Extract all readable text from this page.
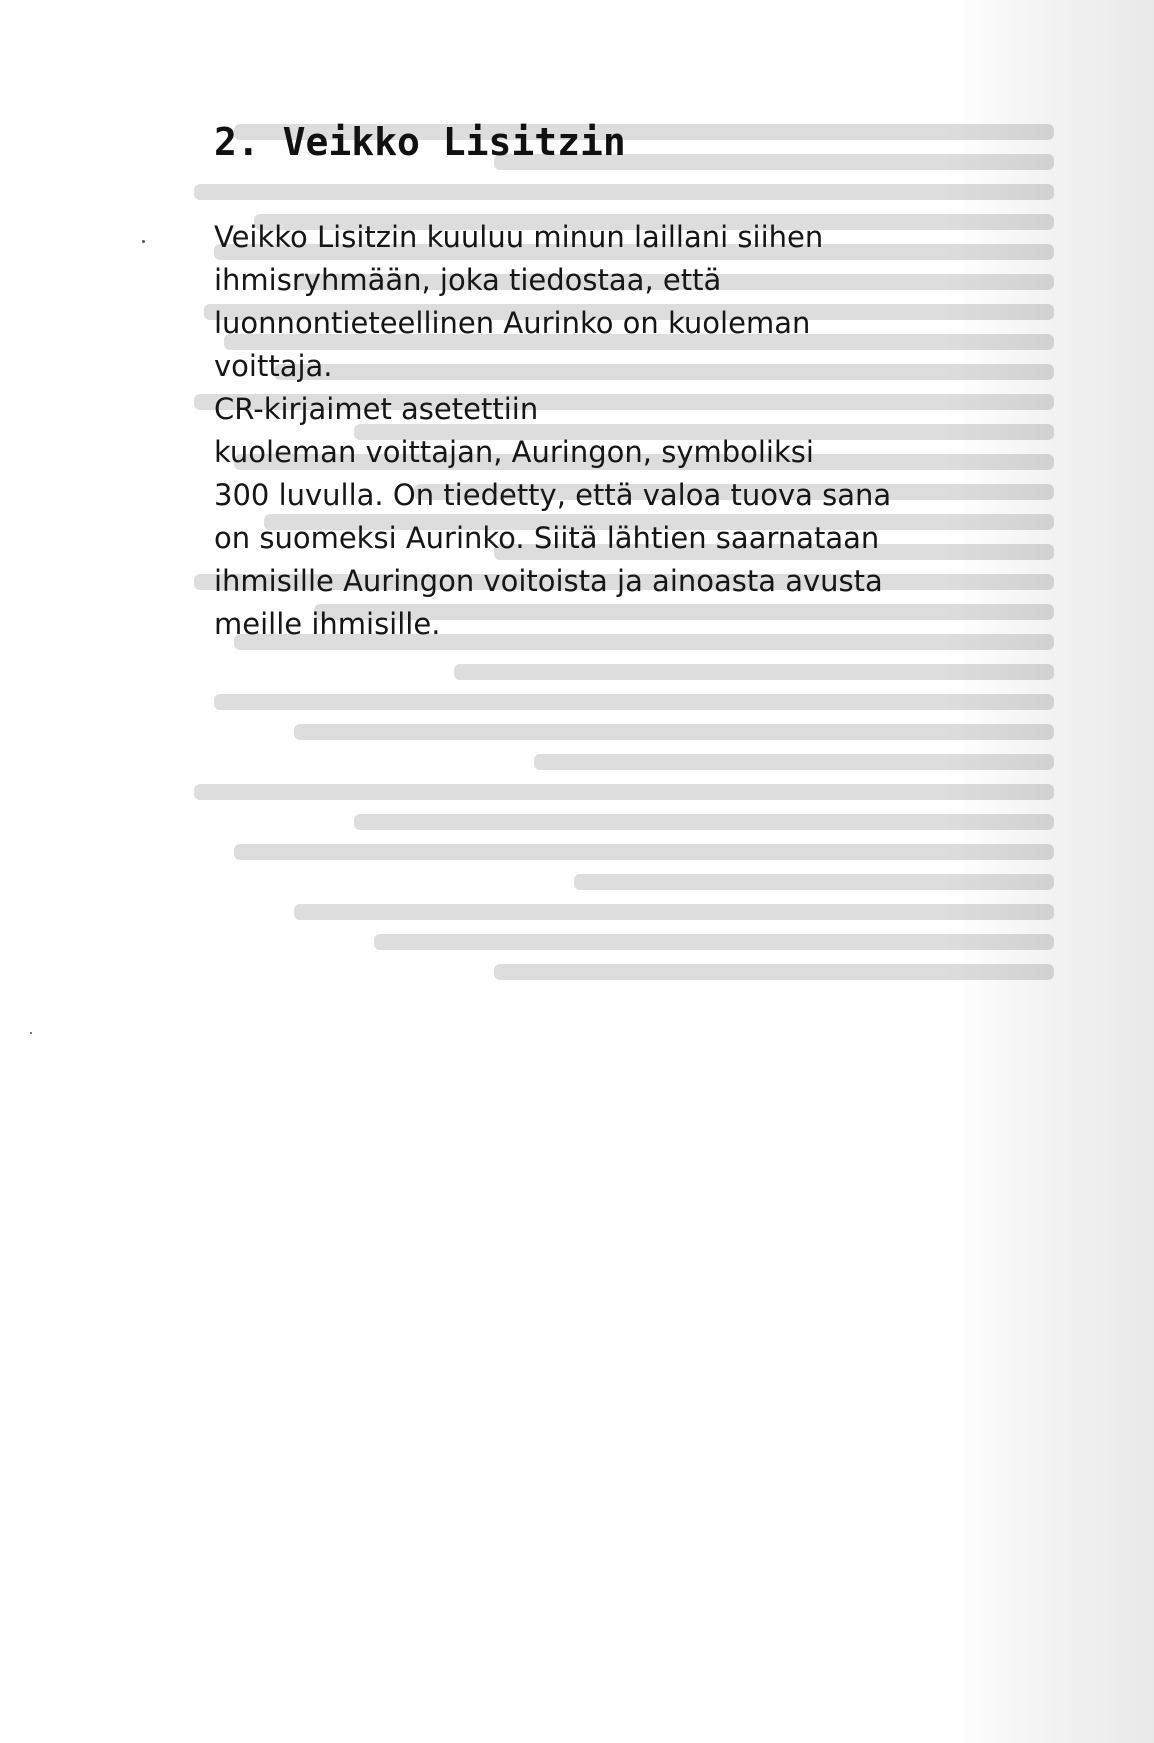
2. Veikko Lisitzin
Veikko Lisitzin kuuluu minun laillani siihen
ihmisryhmään, joka tiedostaa, että
luonnontieteellinen Aurinko on kuoleman
voittaja.
CR-kirjaimet asetettiin
kuoleman voittajan, Auringon, symboliksi
300 luvulla. On tiedetty, että valoa tuova sana
on suomeksi Aurinko. Siitä lähtien saarnataan
ihmisille Auringon voitoista ja ainoasta avusta
meille ihmisille.
